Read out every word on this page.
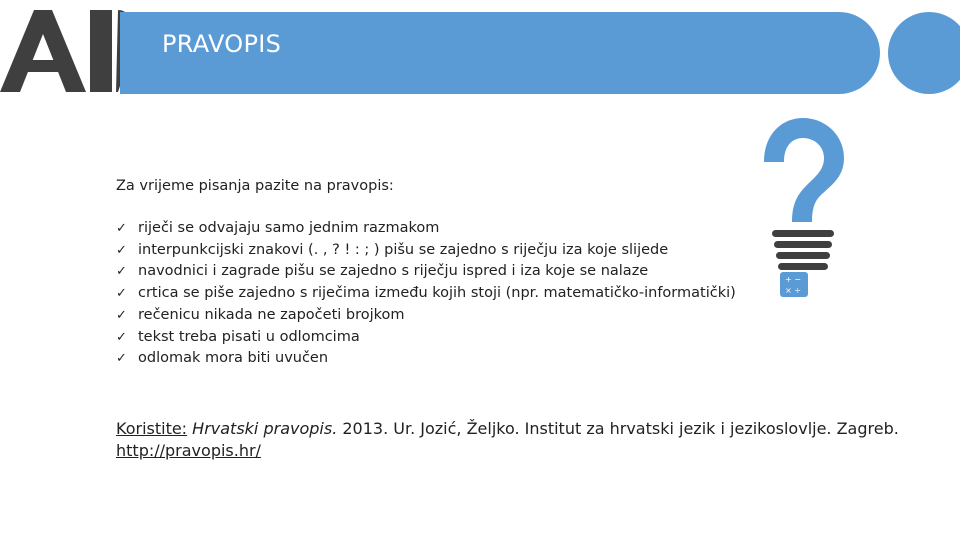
PRAVOPIS
+ −
× ÷
Za vrijeme pisanja pazite na pravopis:
✓ riječi se odvajaju samo jednim razmakom
✓ interpunkcijski znakovi (. , ? ! : ; ) pišu se zajedno s riječju iza koje slijede
✓ navodnici i zagrade pišu se zajedno s riječju ispred i iza koje se nalaze
✓ crtica se piše zajedno s riječima između kojih stoji (npr. matematičko-informatički)
✓ rečenicu nikada ne započeti brojkom
✓ tekst treba pisati u odlomcima
✓ odlomak mora biti uvučen
Koristite: Hrvatski pravopis. 2013. Ur. Jozić, Željko. Institut za hrvatski jezik i jezikoslovlje. Zagreb.
http://pravopis.hr/
